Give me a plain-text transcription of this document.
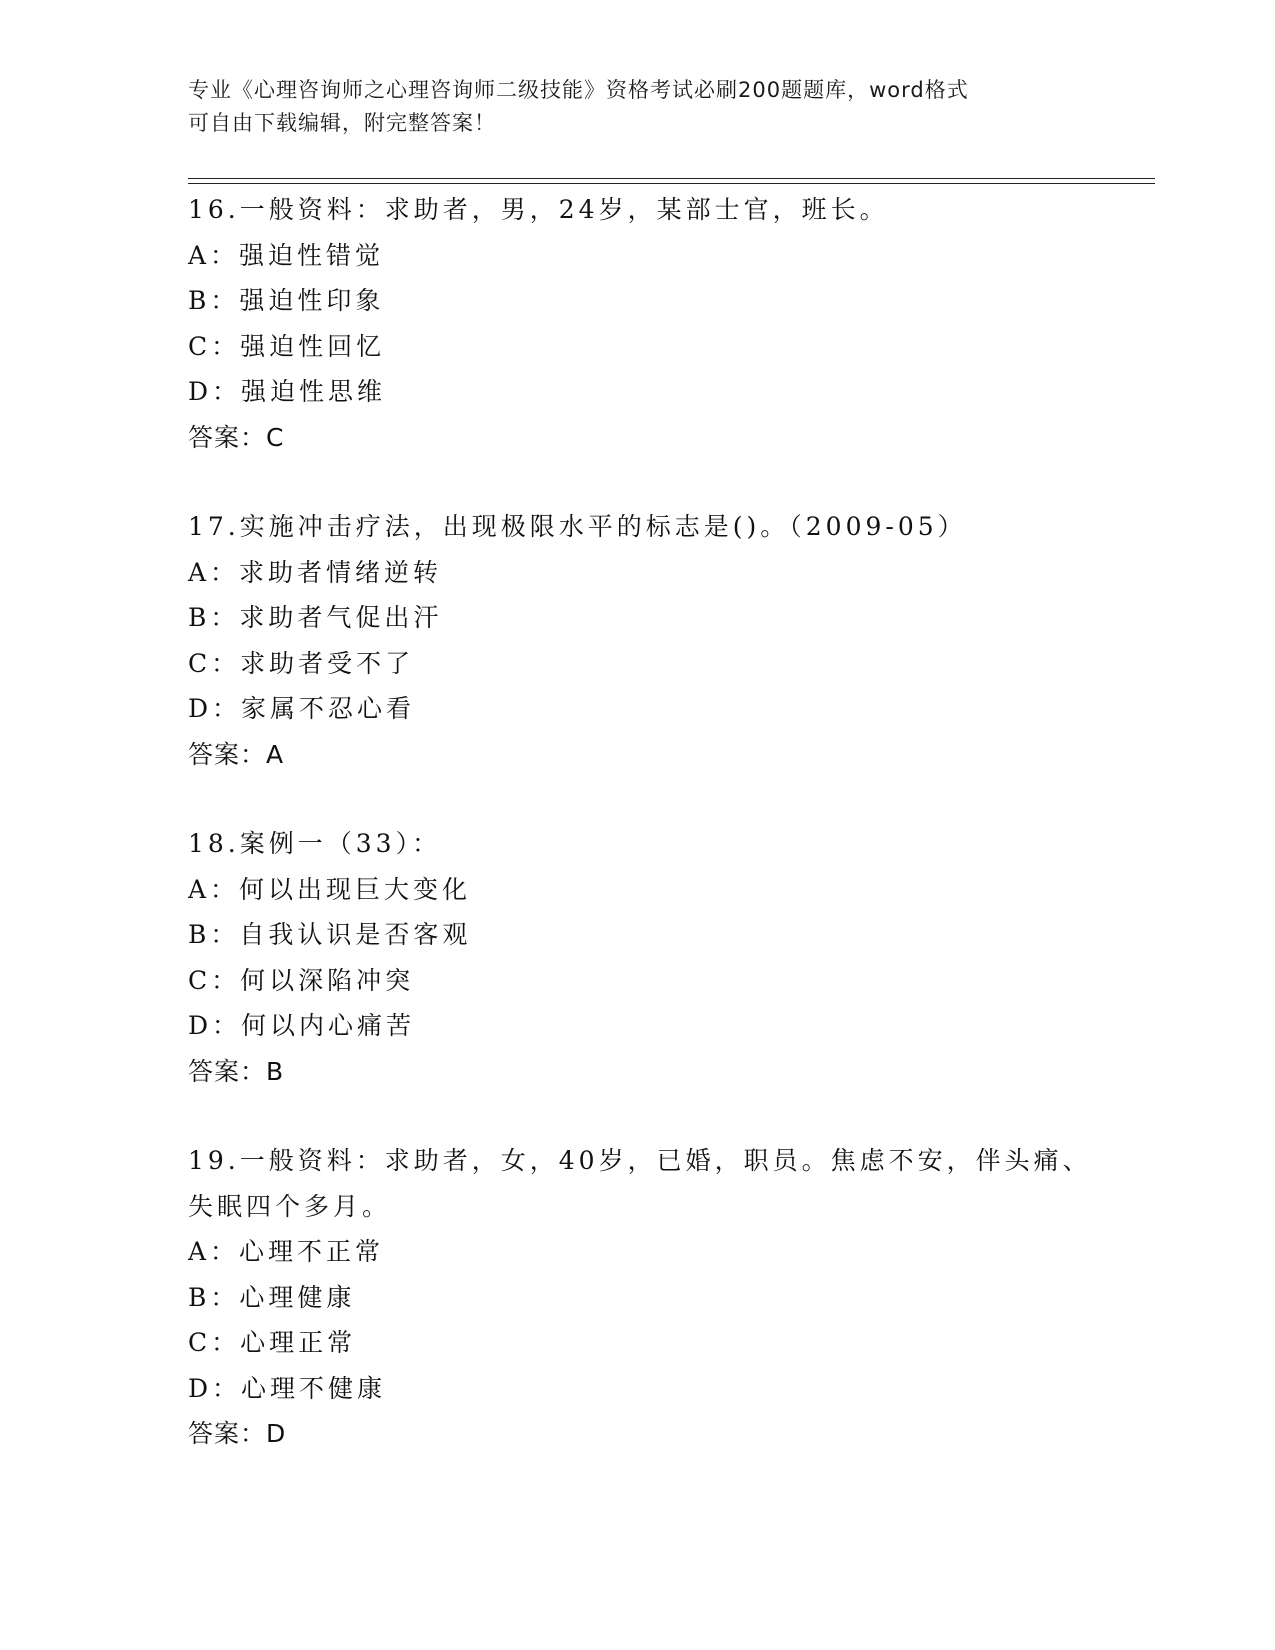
专业《心理咨询师之心理咨询师二级技能》资格考试必刷200题题库，word格式
可自由下载编辑，附完整答案！
16.一般资料：求助者，男，24岁，某部士官，班长。
A：强迫性错觉
B：强迫性印象
C：强迫性回忆
D：强迫性思维
答案：C
17.实施冲击疗法，出现极限水平的标志是()。（2009-05）
A：求助者情绪逆转
B：求助者气促出汗
C：求助者受不了
D：家属不忍心看
答案：A
18.案例一（33）：
A：何以出现巨大变化
B：自我认识是否客观
C：何以深陷冲突
D：何以内心痛苦
答案：B
19.一般资料：求助者，女，40岁，已婚，职员。焦虑不安，伴头痛、
失眠四个多月。
A：心理不正常
B：心理健康
C：心理正常
D：心理不健康
答案：D
